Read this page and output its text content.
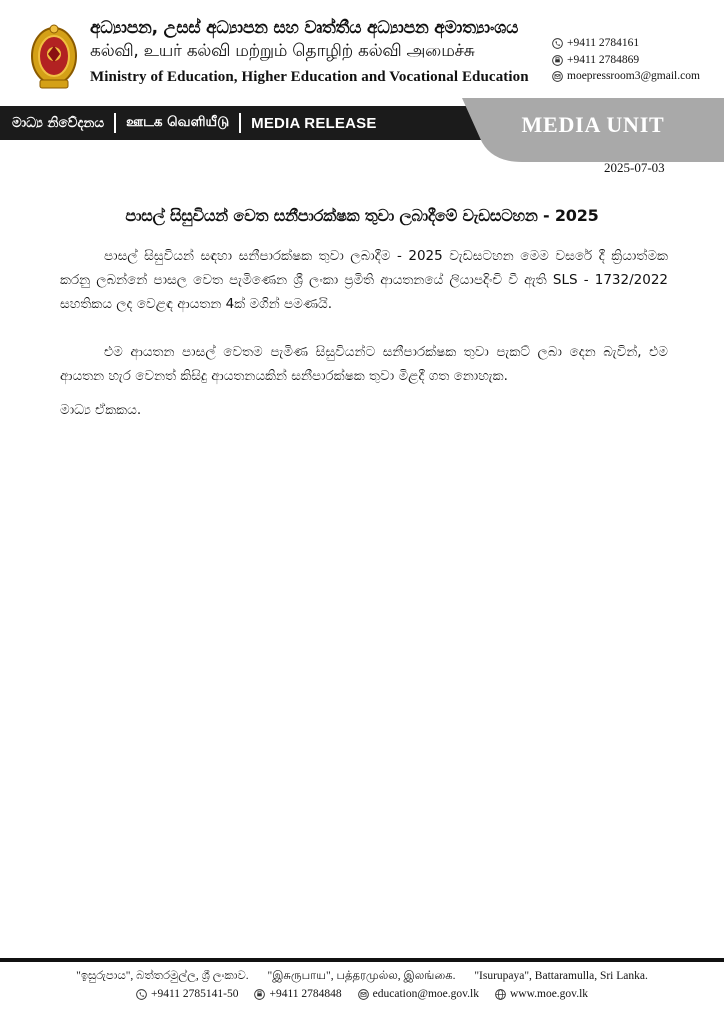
අධ්‍යාපන, උසස් අධ්‍යාපන සහ වෘත්තීය අධ්‍යාපන අමාත්‍යාංශය
கல்வி, உயர் கல்வி மற்றும் தொழிற் கல்வி அமைச்சு
Ministry of Education, Higher Education and Vocational Education
+9411 2784161
+9411 2784869
moepressroom3@gmail.com
මාධ්‍ය නිවේදනය ஊடக வெளியீடு MEDIA RELEASE	MEDIA UNIT
2025-07-03
පාසල් සිසුවියන් වෙත සනීපාරක්ෂක තුවා ලබාදීමේ වැඩසටහන - 2025

පාසල් සිසුවියන් සඳහා සනීපාරක්ෂක තුවා ලබාදීම - 2025 වැඩසටහන මෙම වසරේ දී ක්‍රියාත්මක කරනු ලබන්නේ පාසල වෙත පැමිණෙන ශ්‍රී ලංකා ප්‍රමිති ආයතනයේ ලියාපදිංචි වී ඇති SLS - 1732/2022 සහතිකය ලද වෙළඳ ආයතන 4ක් මගින් පමණයි.

එම ආයතන පාසල් වෙතම පැමිණ සිසුවියන්ට සනීපාරක්ෂක තුවා පැකට් ලබා දෙන බැවින්, එම ආයතන හැර වෙනත් කිසිදු ආයතනයකින් සනීපාරක්ෂක තුවා මිළදී ගත නොහැක.

මාධ්‍ය ඒකකය.
"ඉසුරුපාය", බත්තරමුල්ල, ශ්‍රී ලංකාව. "இசுருபாய", பத்தரமுல்ல, இலங்கை. "Isurupaya", Battaramulla, Sri Lanka.
+9411 2785141-50	+9411 2784848	education@moe.gov.lk	www.moe.gov.lk
